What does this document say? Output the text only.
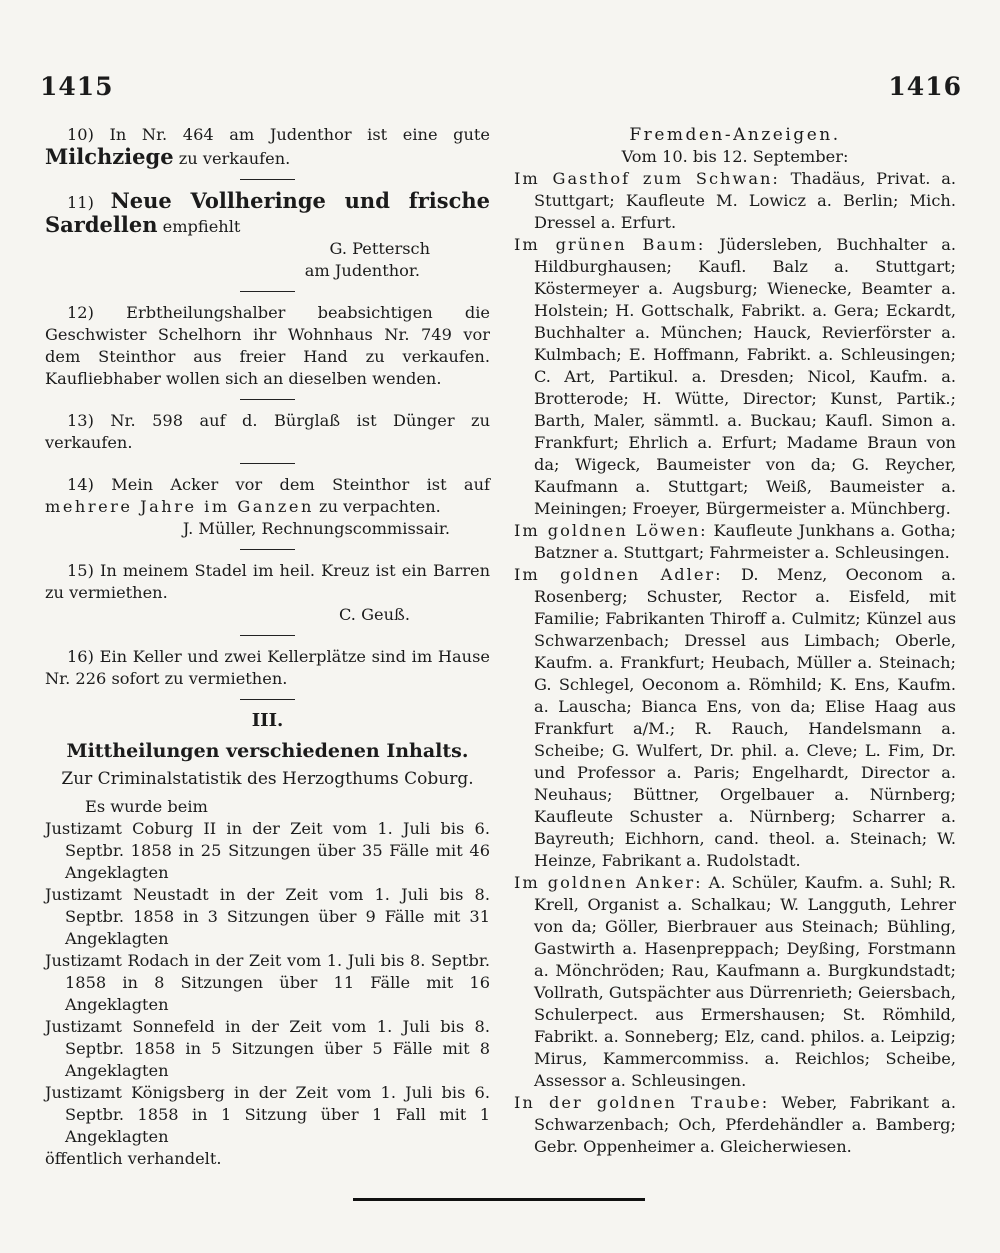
1415	1416

10) In Nr. 464 am Judenthor ist eine gute Milchziege zu verkaufen.

11) Neue Vollheringe und frische Sardellen empfiehlt

G. Pettersch

am Judenthor.

12) Erbtheilungshalber beabsichtigen die Geschwister Schelhorn ihr Wohnhaus Nr. 749 vor dem Steinthor aus freier Hand zu verkaufen. Kaufliebhaber wollen sich an dieselben wenden.

13) Nr. 598 auf d. Bürglaß ist Dünger zu verkaufen.

14) Mein Acker vor dem Steinthor ist auf mehrere Jahre im Ganzen zu verpachten.

J. Müller, Rechnungscommissair.

15) In meinem Stadel im heil. Kreuz ist ein Barren zu vermiethen.

C. Geuß.

16) Ein Keller und zwei Kellerplätze sind im Hause Nr. 226 sofort zu vermiethen.

III.
Mittheilungen verschiedenen Inhalts.
Zur Criminalstatistik des Herzogthums Coburg.

Es wurde beim

Justizamt Coburg II in der Zeit vom 1. Juli bis 6. Septbr. 1858 in 25 Sitzungen über 35 Fälle mit 46 Angeklagten

Justizamt Neustadt in der Zeit vom 1. Juli bis 8. Septbr. 1858 in 3 Sitzungen über 9 Fälle mit 31 Angeklagten

Justizamt Rodach in der Zeit vom 1. Juli bis 8. Septbr. 1858 in 8 Sitzungen über 11 Fälle mit 16 Angeklagten

Justizamt Sonnefeld in der Zeit vom 1. Juli bis 8. Septbr. 1858 in 5 Sitzungen über 5 Fälle mit 8 Angeklagten

Justizamt Königsberg in der Zeit vom 1. Juli bis 6. Septbr. 1858 in 1 Sitzung über 1 Fall mit 1 Angeklagten

öffentlich verhandelt.

Fremden-Anzeigen.
Vom 10. bis 12. September:

Im Gasthof zum Schwan: Thadäus, Privat. a. Stuttgart; Kaufleute M. Lowicz a. Berlin; Mich. Dressel a. Erfurt.

Im grünen Baum: Jüdersleben, Buchhalter a. Hildburghausen; Kaufl. Balz a. Stuttgart; Köstermeyer a. Augsburg; Wienecke, Beamter a. Holstein; H. Gottschalk, Fabrikt. a. Gera; Eckardt, Buchhalter a. München; Hauck, Revierförster a. Kulmbach; E. Hoffmann, Fabrikt. a. Schleusingen; C. Art, Partikul. a. Dresden; Nicol, Kaufm. a. Brotterode; H. Wütte, Director; Kunst, Partik.; Barth, Maler, sämmtl. a. Buckau; Kaufl. Simon a. Frankfurt; Ehrlich a. Erfurt; Madame Braun von da; Wigeck, Baumeister von da; G. Reycher, Kaufmann a. Stuttgart; Weiß, Baumeister a. Meiningen; Froeyer, Bürgermeister a. Münchberg.

Im goldnen Löwen: Kaufleute Junkhans a. Gotha; Batzner a. Stuttgart; Fahrmeister a. Schleusingen.

Im goldnen Adler: D. Menz, Oeconom a. Rosenberg; Schuster, Rector a. Eisfeld, mit Familie; Fabrikanten Thiroff a. Culmitz; Künzel aus Schwarzenbach; Dressel aus Limbach; Oberle, Kaufm. a. Frankfurt; Heubach, Müller a. Steinach; G. Schlegel, Oeconom a. Römhild; K. Ens, Kaufm. a. Lauscha; Bianca Ens, von da; Elise Haag aus Frankfurt a/M.; R. Rauch, Handelsmann a. Scheibe; G. Wulfert, Dr. phil. a. Cleve; L. Fim, Dr. und Professor a. Paris; Engelhardt, Director a. Neuhaus; Büttner, Orgelbauer a. Nürnberg; Kaufleute Schuster a. Nürnberg; Scharrer a. Bayreuth; Eichhorn, cand. theol. a. Steinach; W. Heinze, Fabrikant a. Rudolstadt.

Im goldnen Anker: A. Schüler, Kaufm. a. Suhl; R. Krell, Organist a. Schalkau; W. Langguth, Lehrer von da; Göller, Bierbrauer aus Steinach; Bühling, Gastwirth a. Hasenpreppach; Deyßing, Forstmann a. Mönchröden; Rau, Kaufmann a. Burgkundstadt; Vollrath, Gutspächter aus Dürrenrieth; Geiersbach, Schulerpect. aus Ermershausen; St. Römhild, Fabrikt. a. Sonneberg; Elz, cand. philos. a. Leipzig; Mirus, Kammercommiss. a. Reichlos; Scheibe, Assessor a. Schleusingen.

In der goldnen Traube: Weber, Fabrikant a. Schwarzenbach; Och, Pferdehändler a. Bamberg; Gebr. Oppenheimer a. Gleicherwiesen.
